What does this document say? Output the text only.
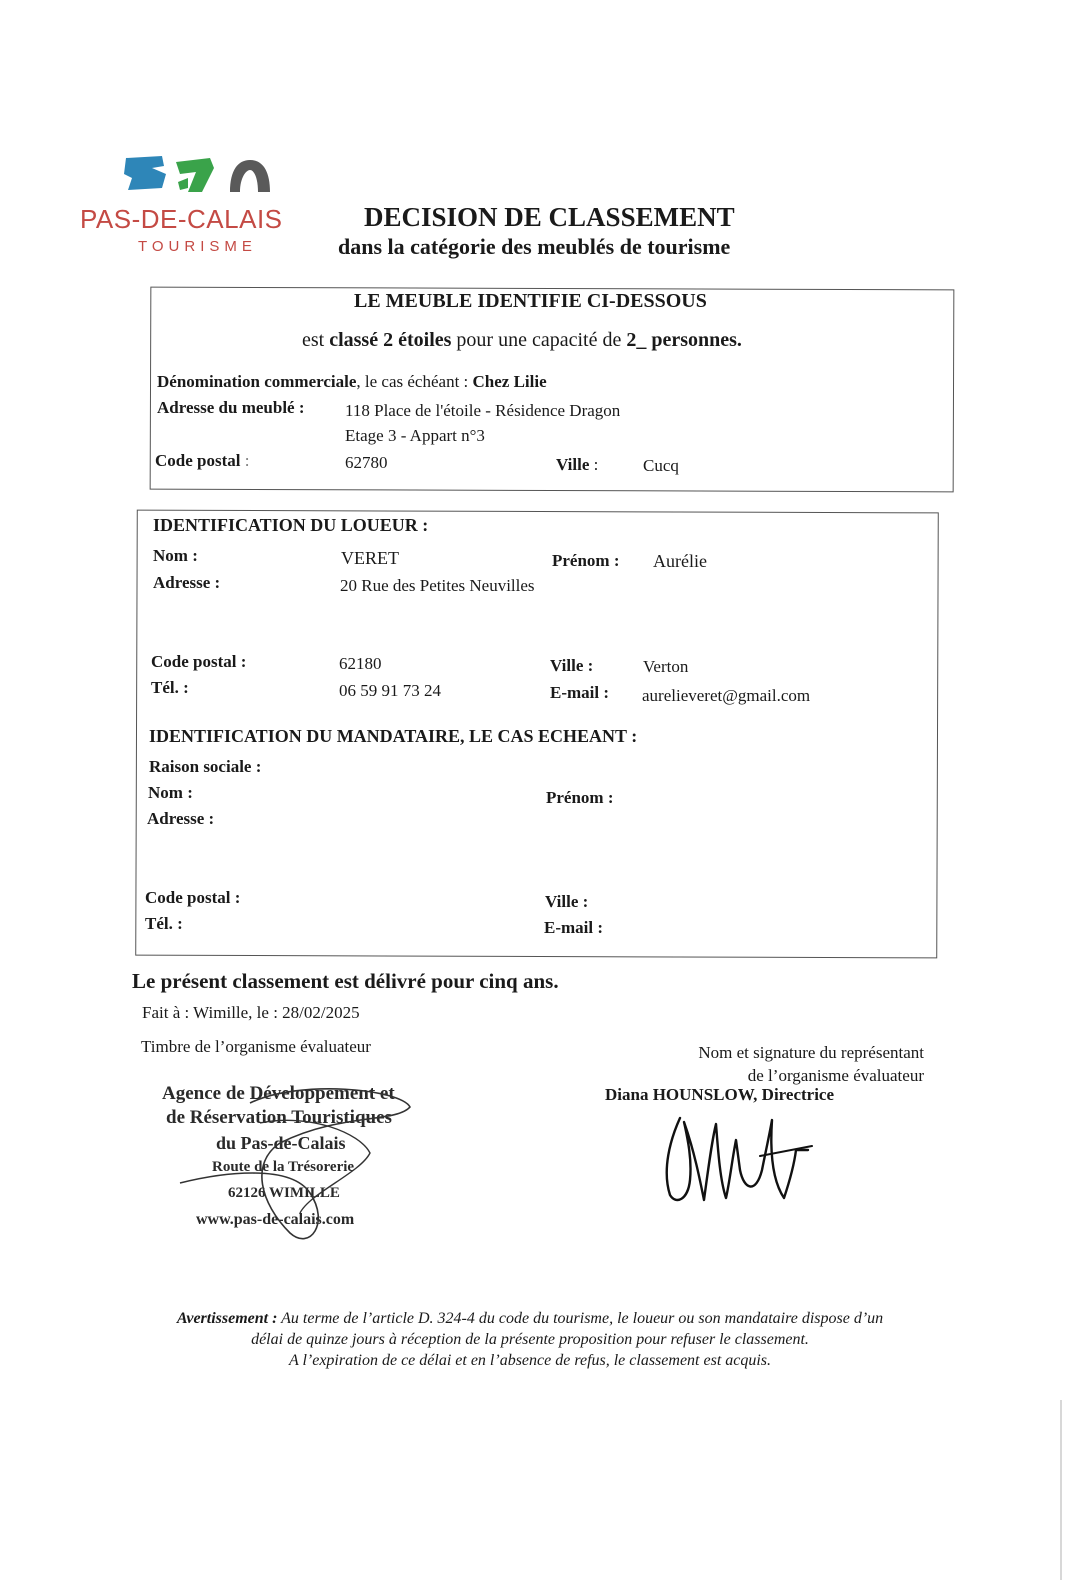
PAS-DE-CALAIS
TOURISME
DECISION DE CLASSEMENT
dans la catégorie des meublés de tourisme
LE MEUBLE IDENTIFIE CI-DESSOUS
est classé 2 étoiles pour une capacité de 2_ personnes.
Dénomination commerciale, le cas échéant : Chez Lilie
Adresse du meublé : 118 Place de l'étoile - Résidence Dragon
Etage 3 - Appart n°3
Code postal :	62780	Ville :	Cucq
IDENTIFICATION DU LOUEUR :
Nom :	VERET	Prénom : Aurélie
Adresse :	20 Rue des Petites Neuvilles
Code postal :	62180	Ville :	Verton
Tél. :	06 59 91 73 24	E-mail : aurelieveret@gmail.com
IDENTIFICATION DU MANDATAIRE, LE CAS ECHEANT :
Raison sociale :
Nom :	Prénom :
Adresse :
Code postal :	Ville :
Tél. :	E-mail :
Le présent classement est délivré pour cinq ans.
Fait à : Wimille, le : 28/02/2025
Timbre de l’organisme évaluateur	Nom et signature du représentant
de l’organisme évaluateur
Diana HOUNSLOW, Directrice
Agence de Développement et
de Réservation Touristiques
du Pas-de-Calais
Route de la Trésorerie
62126 WIMILLE
www.pas-de-calais.com
Avertissement : Au terme de l’article D. 324-4 du code du tourisme, le loueur ou son mandataire dispose d’un
délai de quinze jours à réception de la présente proposition pour refuser le classement.
A l’expiration de ce délai et en l’absence de refus, le classement est acquis.
